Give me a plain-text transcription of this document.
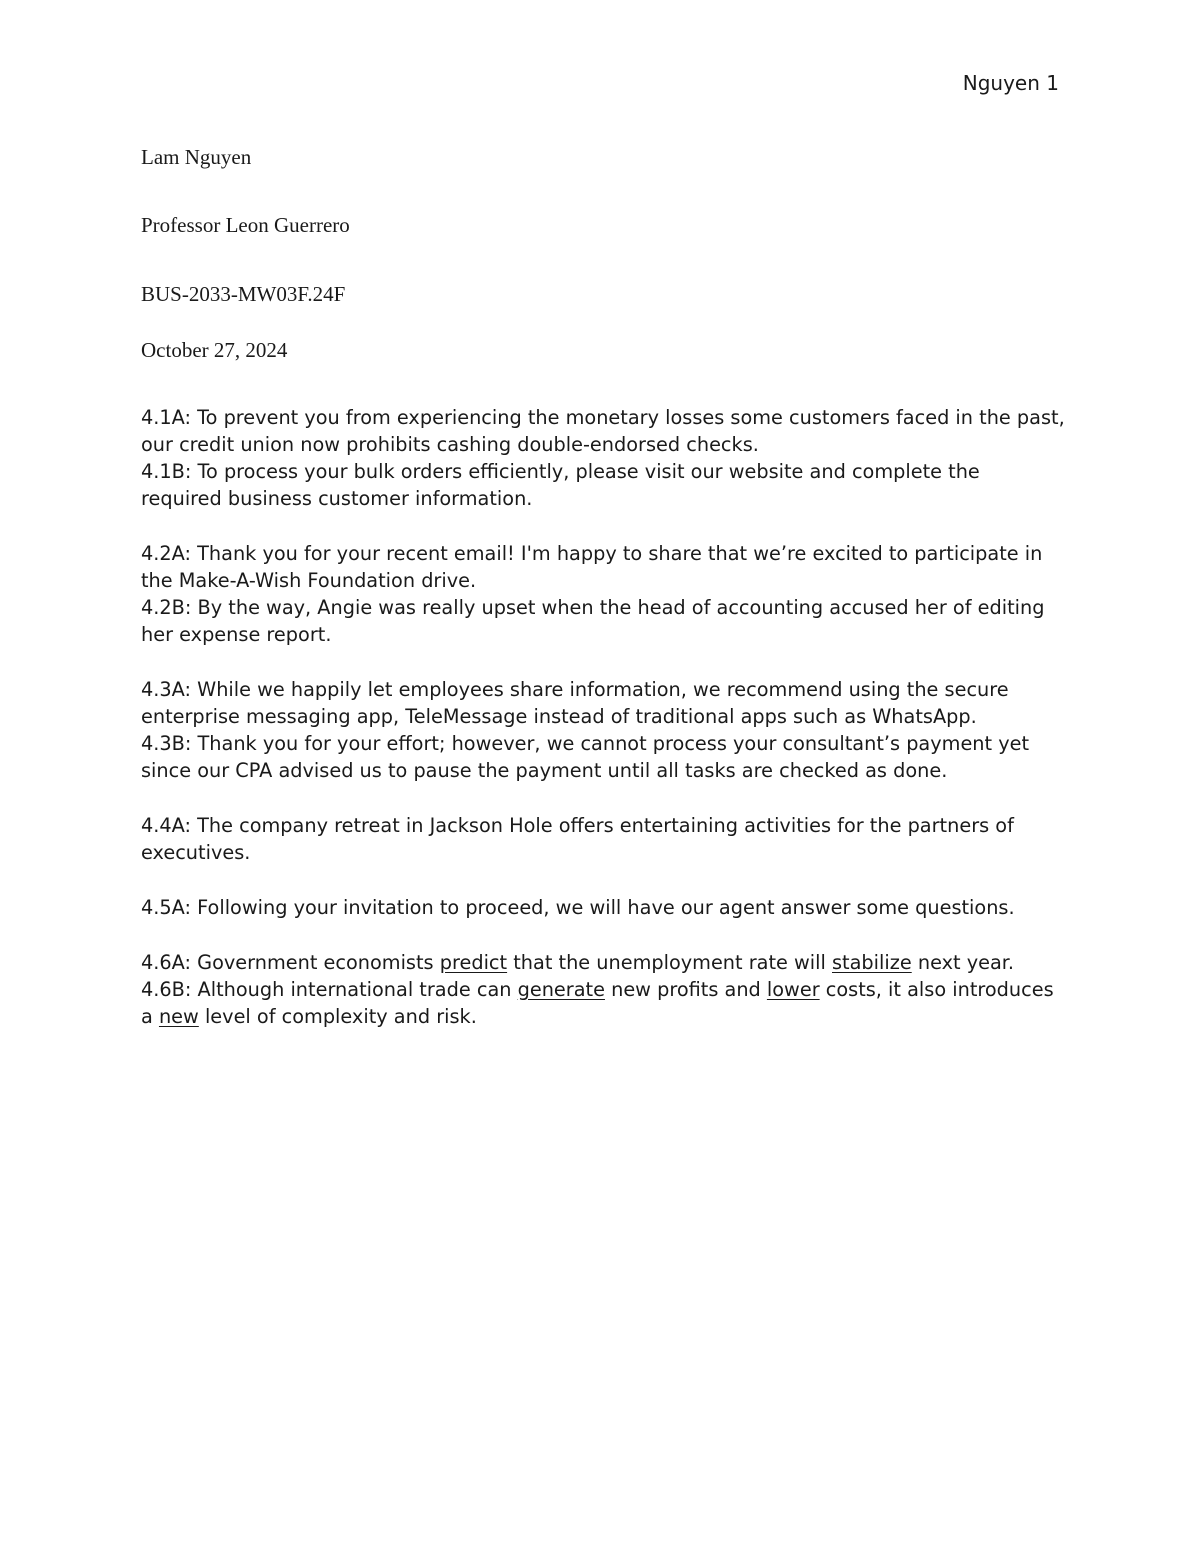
Nguyen 1
Lam Nguyen
Professor Leon Guerrero
BUS-2033-MW03F.24F
October 27, 2024

4.1A: To prevent you from experiencing the monetary losses some customers faced in the past, our credit union now prohibits cashing double-endorsed checks.

4.1B: To process your bulk orders efficiently, please visit our website and complete the required business customer information.

4.2A: Thank you for your recent email! I'm happy to share that we’re excited to participate in the Make-A-Wish Foundation drive.

4.2B: By the way, Angie was really upset when the head of accounting accused her of editing her expense report.

4.3A: While we happily let employees share information, we recommend using the secure enterprise messaging app, TeleMessage instead of traditional apps such as WhatsApp.

4.3B: Thank you for your effort; however, we cannot process your consultant’s payment yet since our CPA advised us to pause the payment until all tasks are checked as done.

4.4A: The company retreat in Jackson Hole offers entertaining activities for the partners of executives.

4.5A: Following your invitation to proceed, we will have our agent answer some questions.

4.6A: Government economists predict that the unemployment rate will stabilize next year.

4.6B: Although international trade can generate new profits and lower costs, it also introduces a new level of complexity and risk.
